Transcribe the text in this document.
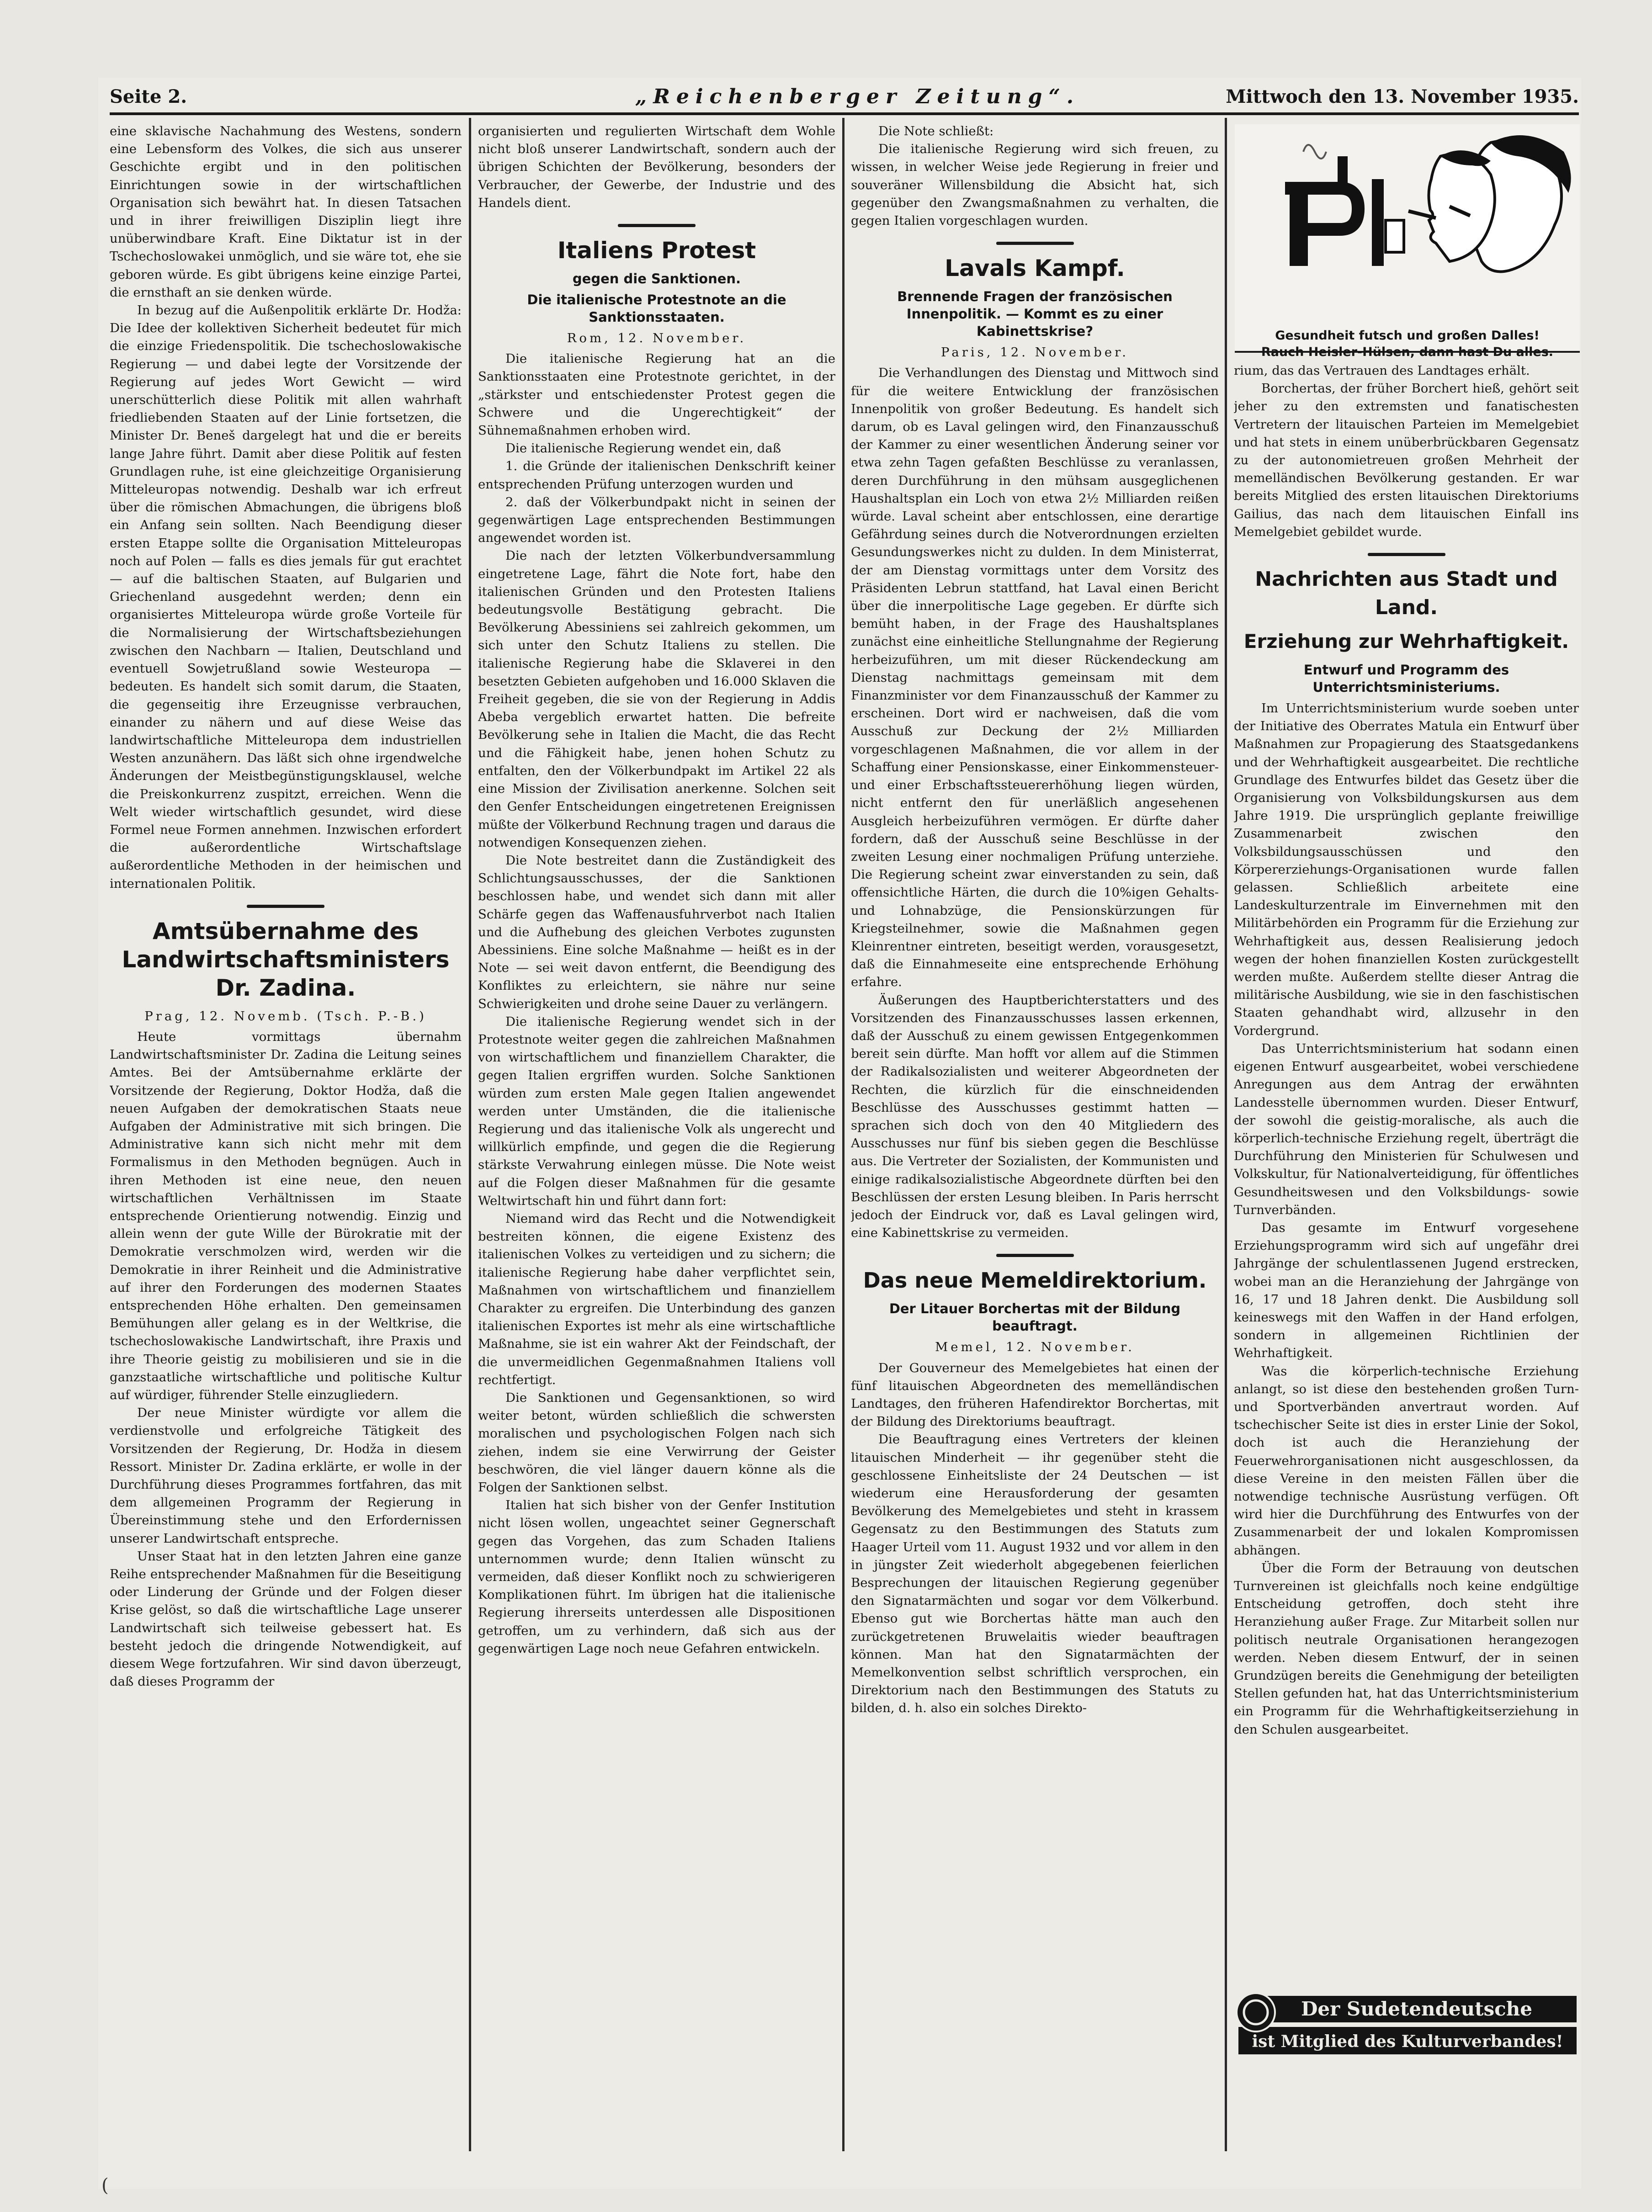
Seite 2.	„Reichenberger Zeitung“.	Mittwoch den 13. November 1935.

eine sklavische Nachahmung des Westens, sondern eine Lebensform des Volkes, die sich aus unserer Geschichte ergibt und in den politischen Einrichtungen sowie in der wirtschaftlichen Organisation sich bewährt hat. In diesen Tatsachen und in ihrer freiwilligen Disziplin liegt ihre unüberwindbare Kraft. Eine Diktatur ist in der Tschechoslowakei unmöglich, und sie wäre tot, ehe sie geboren würde. Es gibt übrigens keine einzige Partei, die ernsthaft an sie denken würde.

In bezug auf die Außenpolitik erklärte Dr. Hodža: Die Idee der kollektiven Sicherheit bedeutet für mich die einzige Friedenspolitik. Die tschechoslowakische Regierung — und dabei legte der Vorsitzende der Regierung auf jedes Wort Gewicht — wird unerschütterlich diese Politik mit allen wahrhaft friedliebenden Staaten auf der Linie fortsetzen, die Minister Dr. Beneš dargelegt hat und die er bereits lange Jahre führt. Damit aber diese Politik auf festen Grundlagen ruhe, ist eine gleichzeitige Organisierung Mitteleuropas notwendig. Deshalb war ich erfreut über die römischen Abmachungen, die übrigens bloß ein Anfang sein sollten. Nach Beendigung dieser ersten Etappe sollte die Organisation Mitteleuropas noch auf Polen — falls es dies jemals für gut erachtet — auf die baltischen Staaten, auf Bulgarien und Griechenland ausgedehnt werden; denn ein organisiertes Mitteleuropa würde große Vorteile für die Normalisierung der Wirtschaftsbeziehungen zwischen den Nachbarn — Italien, Deutschland und eventuell Sowjetrußland sowie Westeuropa — bedeuten. Es handelt sich somit darum, die Staaten, die gegenseitig ihre Erzeugnisse verbrauchen, einander zu nähern und auf diese Weise das landwirtschaftliche Mitteleuropa dem industriellen Westen anzunähern. Das läßt sich ohne irgendwelche Änderungen der Meistbegünstigungsklausel, welche die Preiskonkurrenz zuspitzt, erreichen. Wenn die Welt wieder wirtschaftlich gesundet, wird diese Formel neue Formen annehmen. Inzwischen erfordert die außerordentliche Wirtschaftslage außerordentliche Methoden in der heimischen und internationalen Politik.

Amtsübernahme des Landwirtschaftsministers Dr. Zadina.
Prag, 12. Novemb. (Tsch. P.-B.)

Heute vormittags übernahm Landwirtschaftsminister Dr. Zadina die Leitung seines Amtes. Bei der Amtsübernahme erklärte der Vorsitzende der Regierung, Doktor Hodža, daß die neuen Aufgaben der demokratischen Staats neue Aufgaben der Administrative mit sich bringen. Die Administrative kann sich nicht mehr mit dem Formalismus in den Methoden begnügen. Auch in ihren Methoden ist eine neue, den neuen wirtschaftlichen Verhältnissen im Staate entsprechende Orientierung notwendig. Einzig und allein wenn der gute Wille der Bürokratie mit der Demokratie verschmolzen wird, werden wir die Demokratie in ihrer Reinheit und die Administrative auf ihrer den Forderungen des modernen Staates entsprechenden Höhe erhalten. Den gemeinsamen Bemühungen aller gelang es in der Weltkrise, die tschechoslowakische Landwirtschaft, ihre Praxis und ihre Theorie geistig zu mobilisieren und sie in die ganzstaatliche wirtschaftliche und politische Kultur auf würdiger, führender Stelle einzugliedern.

Der neue Minister würdigte vor allem die verdienstvolle und erfolgreiche Tätigkeit des Vorsitzenden der Regierung, Dr. Hodža in diesem Ressort. Minister Dr. Zadina erklärte, er wolle in der Durchführung dieses Programmes fortfahren, das mit dem allgemeinen Programm der Regierung in Übereinstimmung stehe und den Erfordernissen unserer Landwirtschaft entspreche.

Unser Staat hat in den letzten Jahren eine ganze Reihe entsprechender Maßnahmen für die Beseitigung oder Linderung der Gründe und der Folgen dieser Krise gelöst, so daß die wirtschaftliche Lage unserer Landwirtschaft sich teilweise gebessert hat. Es besteht jedoch die dringende Notwendigkeit, auf diesem Wege fortzufahren. Wir sind davon überzeugt, daß dieses Programm der

organisierten und regulierten Wirtschaft dem Wohle nicht bloß unserer Landwirtschaft, sondern auch der übrigen Schichten der Bevölkerung, besonders der Verbraucher, der Gewerbe, der Industrie und des Handels dient.

Italiens Protest
gegen die Sanktionen.
Die italienische Protestnote an die Sanktionsstaaten.
Rom, 12. November.

Die italienische Regierung hat an die Sanktionsstaaten eine Protestnote gerichtet, in der „stärkster und entschiedenster Protest gegen die Schwere und die Ungerechtigkeit“ der Sühnemaßnahmen erhoben wird.

Die italienische Regierung wendet ein, daß

1. die Gründe der italienischen Denkschrift keiner entsprechenden Prüfung unterzogen wurden und

2. daß der Völkerbundpakt nicht in seinen der gegenwärtigen Lage entsprechenden Bestimmungen angewendet worden ist.

Die nach der letzten Völkerbundversammlung eingetretene Lage, fährt die Note fort, habe den italienischen Gründen und den Protesten Italiens bedeutungsvolle Bestätigung gebracht. Die Bevölkerung Abessiniens sei zahlreich gekommen, um sich unter den Schutz Italiens zu stellen. Die italienische Regierung habe die Sklaverei in den besetzten Gebieten aufgehoben und 16.000 Sklaven die Freiheit gegeben, die sie von der Regierung in Addis Abeba vergeblich erwartet hatten. Die befreite Bevölkerung sehe in Italien die Macht, die das Recht und die Fähigkeit habe, jenen hohen Schutz zu entfalten, den der Völkerbundpakt im Artikel 22 als eine Mission der Zivilisation anerkenne. Solchen seit den Genfer Entscheidungen eingetretenen Ereignissen müßte der Völkerbund Rechnung tragen und daraus die notwendigen Konsequenzen ziehen.

Die Note bestreitet dann die Zuständigkeit des Schlichtungsausschusses, der die Sanktionen beschlossen habe, und wendet sich dann mit aller Schärfe gegen das Waffenausfuhrverbot nach Italien und die Aufhebung des gleichen Verbotes zugunsten Abessiniens. Eine solche Maßnahme — heißt es in der Note — sei weit davon entfernt, die Beendigung des Konfliktes zu erleichtern, sie nähre nur seine Schwierigkeiten und drohe seine Dauer zu verlängern.

Die italienische Regierung wendet sich in der Protestnote weiter gegen die zahlreichen Maßnahmen von wirtschaftlichem und finanziellem Charakter, die gegen Italien ergriffen wurden. Solche Sanktionen würden zum ersten Male gegen Italien angewendet werden unter Umständen, die die italienische Regierung und das italienische Volk als ungerecht und willkürlich empfinde, und gegen die die Regierung stärkste Verwahrung einlegen müsse. Die Note weist auf die Folgen dieser Maßnahmen für die gesamte Weltwirtschaft hin und führt dann fort:

Niemand wird das Recht und die Notwendigkeit bestreiten können, die eigene Existenz des italienischen Volkes zu verteidigen und zu sichern; die italienische Regierung habe daher verpflichtet sein, Maßnahmen von wirtschaftlichem und finanziellem Charakter zu ergreifen. Die Unterbindung des ganzen italienischen Exportes ist mehr als eine wirtschaftliche Maßnahme, sie ist ein wahrer Akt der Feindschaft, der die unvermeidlichen Gegenmaßnahmen Italiens voll rechtfertigt.

Die Sanktionen und Gegensanktionen, so wird weiter betont, würden schließlich die schwersten moralischen und psychologischen Folgen nach sich ziehen, indem sie eine Verwirrung der Geister beschwören, die viel länger dauern könne als die Folgen der Sanktionen selbst.

Italien hat sich bisher von der Genfer Institution nicht lösen wollen, ungeachtet seiner Gegnerschaft gegen das Vorgehen, das zum Schaden Italiens unternommen wurde; denn Italien wünscht zu vermeiden, daß dieser Konflikt noch zu schwierigeren Komplikationen führt. Im übrigen hat die italienische Regierung ihrerseits unterdessen alle Dispositionen getroffen, um zu verhindern, daß sich aus der gegenwärtigen Lage noch neue Gefahren entwickeln.

Die Note schließt:

Die italienische Regierung wird sich freuen, zu wissen, in welcher Weise jede Regierung in freier und souveräner Willensbildung die Absicht hat, sich gegenüber den Zwangsmaßnahmen zu verhalten, die gegen Italien vorgeschlagen wurden.

Lavals Kampf.
Brennende Fragen der französischen Innenpolitik. — Kommt es zu einer Kabinettskrise?
Paris, 12. November.

Die Verhandlungen des Dienstag und Mittwoch sind für die weitere Entwicklung der französischen Innenpolitik von großer Bedeutung. Es handelt sich darum, ob es Laval gelingen wird, den Finanzausschuß der Kammer zu einer wesentlichen Änderung seiner vor etwa zehn Tagen gefaßten Beschlüsse zu veranlassen, deren Durchführung in den mühsam ausgeglichenen Haushaltsplan ein Loch von etwa 2½ Milliarden reißen würde. Laval scheint aber entschlossen, eine derartige Gefährdung seines durch die Notverordnungen erzielten Gesundungswerkes nicht zu dulden. In dem Ministerrat, der am Dienstag vormittags unter dem Vorsitz des Präsidenten Lebrun stattfand, hat Laval einen Bericht über die innerpolitische Lage gegeben. Er dürfte sich bemüht haben, in der Frage des Haushaltsplanes zunächst eine einheitliche Stellungnahme der Regierung herbeizuführen, um mit dieser Rückendeckung am Dienstag nachmittags gemeinsam mit dem Finanzminister vor dem Finanzausschuß der Kammer zu erscheinen. Dort wird er nachweisen, daß die vom Ausschuß zur Deckung der 2½ Milliarden vorgeschlagenen Maßnahmen, die vor allem in der Schaffung einer Pensionskasse, einer Einkommensteuer- und einer Erbschaftssteuererhöhung liegen würden, nicht entfernt den für unerläßlich angesehenen Ausgleich herbeizuführen vermögen. Er dürfte daher fordern, daß der Ausschuß seine Beschlüsse in der zweiten Lesung einer nochmaligen Prüfung unterziehe. Die Regierung scheint zwar einverstanden zu sein, daß offensichtliche Härten, die durch die 10%igen Gehalts- und Lohnabzüge, die Pensionskürzungen für Kriegsteilnehmer, sowie die Maßnahmen gegen Kleinrentner eintreten, beseitigt werden, vorausgesetzt, daß die Einnahmeseite eine entsprechende Erhöhung erfahre.

Äußerungen des Hauptberichterstatters und des Vorsitzenden des Finanzausschusses lassen erkennen, daß der Ausschuß zu einem gewissen Entgegenkommen bereit sein dürfte. Man hofft vor allem auf die Stimmen der Radikalsozialisten und weiterer Abgeordneten der Rechten, die kürzlich für die einschneidenden Beschlüsse des Ausschusses gestimmt hatten — sprachen sich doch von den 40 Mitgliedern des Ausschusses nur fünf bis sieben gegen die Beschlüsse aus. Die Vertreter der Sozialisten, der Kommunisten und einige radikalsozialistische Abgeordnete dürften bei den Beschlüssen der ersten Lesung bleiben. In Paris herrscht jedoch der Eindruck vor, daß es Laval gelingen wird, eine Kabinettskrise zu vermeiden.

Das neue Memeldirektorium.
Der Litauer Borchertas mit der Bildung beauftragt.
Memel, 12. November.

Der Gouverneur des Memelgebietes hat einen der fünf litauischen Abgeordneten des memelländischen Landtages, den früheren Hafendirektor Borchertas, mit der Bildung des Direktoriums beauftragt.

Die Beauftragung eines Vertreters der kleinen litauischen Minderheit — ihr gegenüber steht die geschlossene Einheitsliste der 24 Deutschen — ist wiederum eine Herausforderung der gesamten Bevölkerung des Memelgebietes und steht in krassem Gegensatz zu den Bestimmungen des Statuts zum Haager Urteil vom 11. August 1932 und vor allem in den in jüngster Zeit wiederholt abgegebenen feierlichen Besprechungen der litauischen Regierung gegenüber den Signatarmächten und sogar vor dem Völkerbund. Ebenso gut wie Borchertas hätte man auch den zurückgetretenen Bruwelaitis wieder beauftragen können. Man hat den Signatarmächten der Memelkonvention selbst schriftlich versprochen, ein Direktorium nach den Bestimmungen des Statuts zu bilden, d. h. also ein solches Direkto-

Gesundheit futsch und großen Dalles!
Rauch Heisler-Hülsen, dann hast Du alles.

rium, das das Vertrauen des Landtages erhält.

Borchertas, der früher Borchert hieß, gehört seit jeher zu den extremsten und fanatischesten Vertretern der litauischen Parteien im Memelgebiet und hat stets in einem unüberbrückbaren Gegensatz zu der autonomietreuen großen Mehrheit der memelländischen Bevölkerung gestanden. Er war bereits Mitglied des ersten litauischen Direktoriums Gailius, das nach dem litauischen Einfall ins Memelgebiet gebildet wurde.

Nachrichten aus Stadt und Land.
Erziehung zur Wehrhaftigkeit.
Entwurf und Programm des Unterrichtsministeriums.

Im Unterrichtsministerium wurde soeben unter der Initiative des Oberrates Matula ein Entwurf über Maßnahmen zur Propagierung des Staatsgedankens und der Wehrhaftigkeit ausgearbeitet. Die rechtliche Grundlage des Entwurfes bildet das Gesetz über die Organisierung von Volksbildungskursen aus dem Jahre 1919. Die ursprünglich geplante freiwillige Zusammenarbeit zwischen den Volksbildungsausschüssen und den Körpererziehungs-Organisationen wurde fallen gelassen. Schließlich arbeitete eine Landeskulturzentrale im Einvernehmen mit den Militärbehörden ein Programm für die Erziehung zur Wehrhaftigkeit aus, dessen Realisierung jedoch wegen der hohen finanziellen Kosten zurückgestellt werden mußte. Außerdem stellte dieser Antrag die militärische Ausbildung, wie sie in den faschistischen Staaten gehandhabt wird, allzusehr in den Vordergrund.

Das Unterrichtsministerium hat sodann einen eigenen Entwurf ausgearbeitet, wobei verschiedene Anregungen aus dem Antrag der erwähnten Landesstelle übernommen wurden. Dieser Entwurf, der sowohl die geistig-moralische, als auch die körperlich-technische Erziehung regelt, überträgt die Durchführung den Ministerien für Schulwesen und Volkskultur, für Nationalverteidigung, für öffentliches Gesundheitswesen und den Volksbildungs- sowie Turnverbänden.

Das gesamte im Entwurf vorgesehene Erziehungsprogramm wird sich auf ungefähr drei Jahrgänge der schulentlassenen Jugend erstrecken, wobei man an die Heranziehung der Jahrgänge von 16, 17 und 18 Jahren denkt. Die Ausbildung soll keineswegs mit den Waffen in der Hand erfolgen, sondern in allgemeinen Richtlinien der Wehrhaftigkeit.

Was die körperlich-technische Erziehung anlangt, so ist diese den bestehenden großen Turn- und Sportverbänden anvertraut worden. Auf tschechischer Seite ist dies in erster Linie der Sokol, doch ist auch die Heranziehung der Feuerwehrorganisationen nicht ausgeschlossen, da diese Vereine in den meisten Fällen über die notwendige technische Ausrüstung verfügen. Oft wird hier die Durchführung des Entwurfes von der Zusammenarbeit der und lokalen Kompromissen abhängen.

Über die Form der Betrauung von deutschen Turnvereinen ist gleichfalls noch keine endgültige Entscheidung getroffen, doch steht ihre Heranziehung außer Frage. Zur Mitarbeit sollen nur politisch neutrale Organisationen herangezogen werden. Neben diesem Entwurf, der in seinen Grundzügen bereits die Genehmigung der beteiligten Stellen gefunden hat, hat das Unterrichtsministerium ein Programm für die Wehrhaftigkeitserziehung in den Schulen ausgearbeitet.

Der Sudetendeutsche
ist Mitglied des Kulturverbandes!
(
